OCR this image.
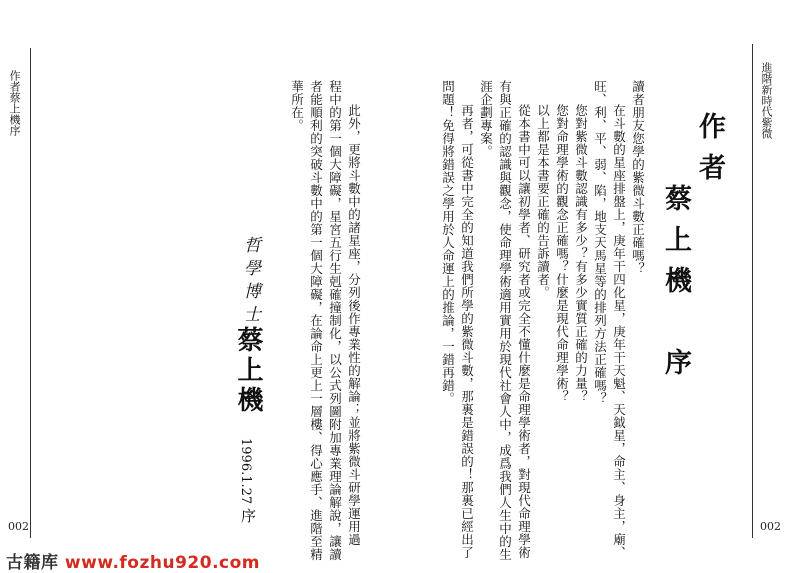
作者蔡上機序	進階新時代紫微
作者
蔡上機　序
讀者朋友您學的紫微斗數正確嗎？
在斗數的星座排盤上，庚年干四化星，庚年干天魁、天鉞星，命主、身主，廟、
旺、利、平、弱、陷，地支天馬星等的排列方法正確嗎？
您對紫微斗數認識有多少？有多少實質正確的力量？
您對命理學術的觀念正確嗎？什麼是現代命理學術？
以上都是本書要正確的告訴讀者。
從本書中可以讓初學者、研究者或完全不懂什麼是命理學術者，對現代命理學術
有與正確的認識與觀念，使命理學術適用實用於現代社會人中，成爲我們人生中的生
涯企劃專案。
再者，可從書中完全的知道我們所學的紫微斗數，那裏是錯誤的！那裏已經出了
問題！免得將錯誤之學用於人命運上的推論，一錯再錯。
此外，更將斗數中的諸星座，分列後作專業性的解論；並將紫微斗研學運用過
程中的第一個大障礙，星宮五行生剋確撞制化，以公式列圖附加專業理論解說，讓讀
者能順利的突破斗數中的第一個大障礙，在論命上更上一層樓、得心應手、進階至精
華所在。
哲學博士
蔡上機
1996.1.27
序
002	002
古籍库 www.fozhu920.com
